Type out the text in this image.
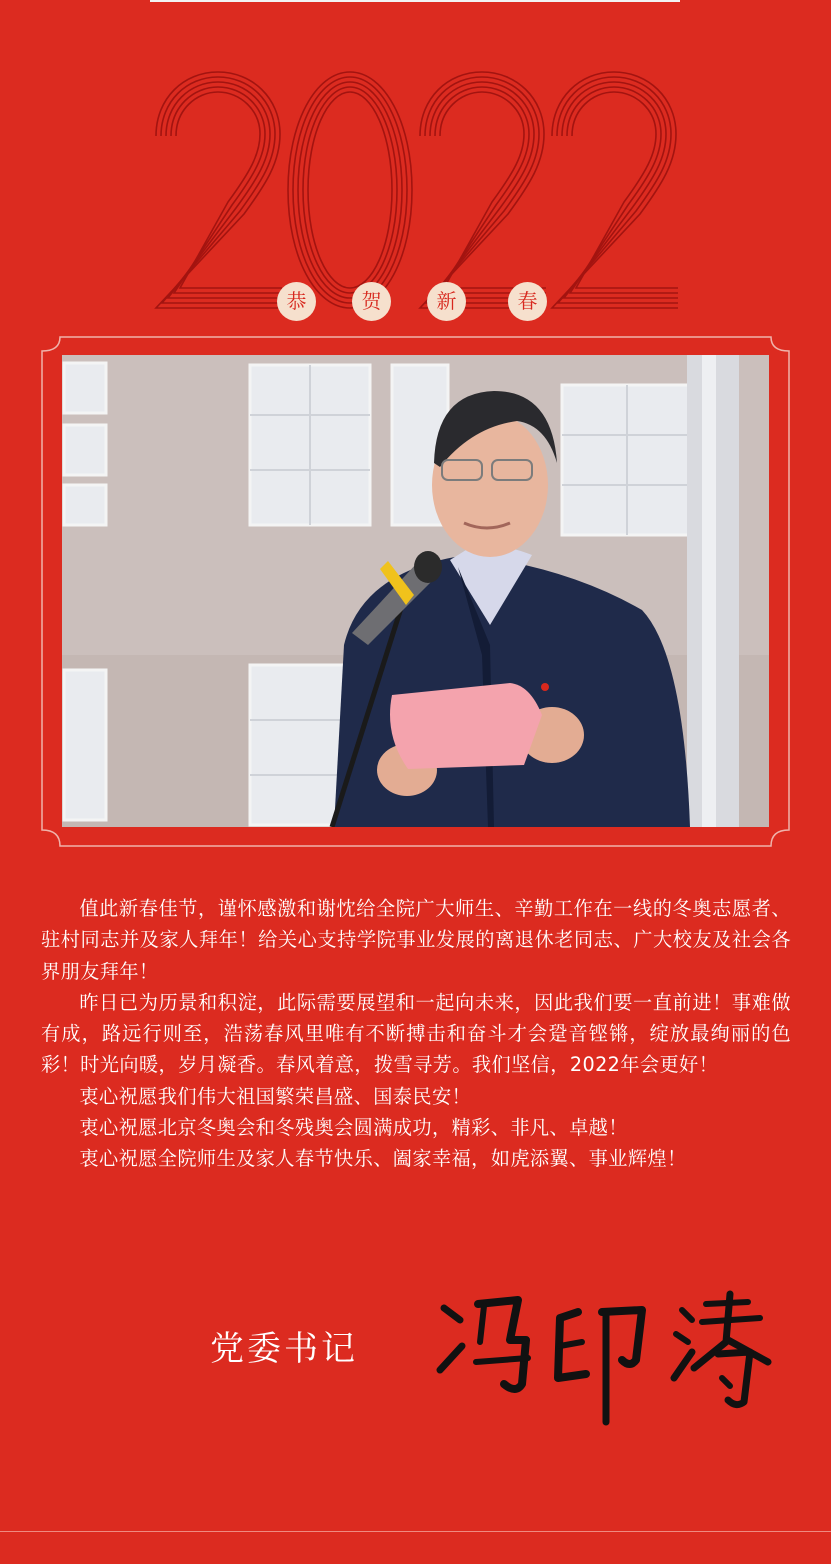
恭	贺	新	春

值此新春佳节，谨怀感激和谢忱给全院广大师生、辛勤工作在一线的冬奥志愿者、驻村同志并及家人拜年！给关心支持学院事业发展的离退休老同志、广大校友及社会各界朋友拜年！

昨日已为历景和积淀，此际需要展望和一起向未来，因此我们要一直前进！事难做有成，路远行则至，浩荡春风里唯有不断搏击和奋斗才会跫音铿锵，绽放最绚丽的色彩！时光向暖，岁月凝香。春风着意，拨雪寻芳。我们坚信，2022年会更好！

衷心祝愿我们伟大祖国繁荣昌盛、国泰民安！

衷心祝愿北京冬奥会和冬残奥会圆满成功，精彩、非凡、卓越！

衷心祝愿全院师生及家人春节快乐、阖家幸福，如虎添翼、事业辉煌！

党委书记
